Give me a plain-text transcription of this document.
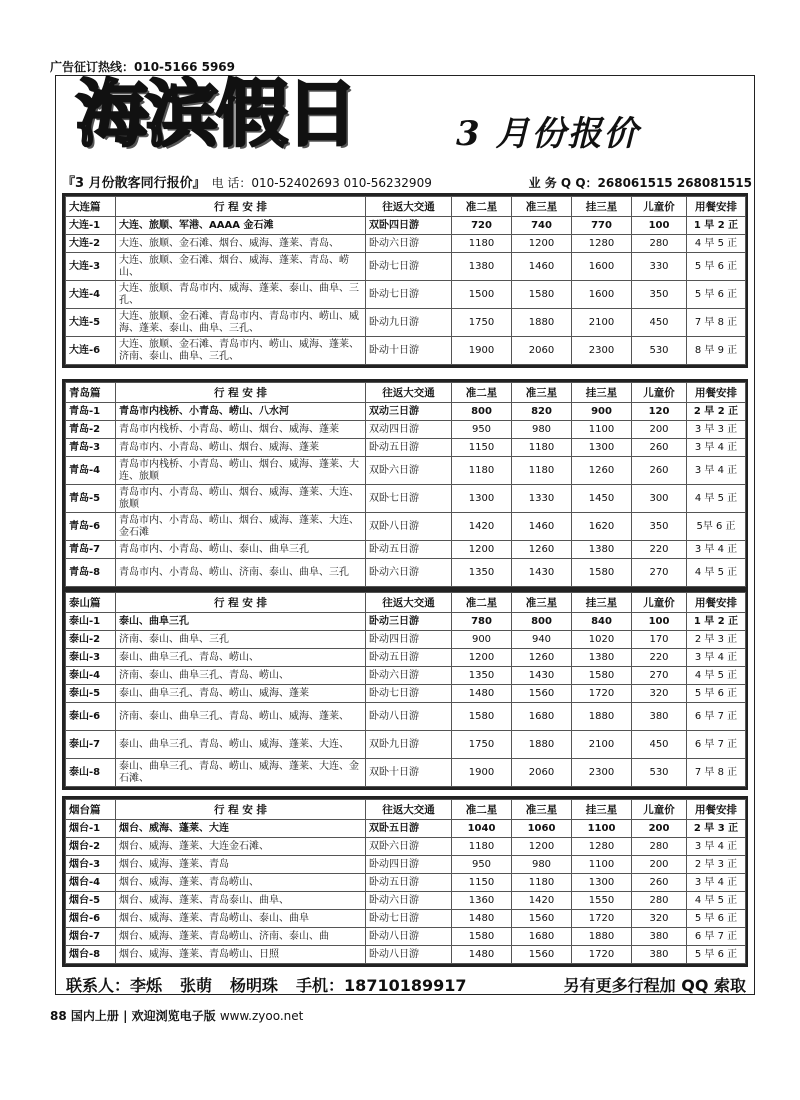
广告征订热线：010-5166 5969
海滨假日	3 月份报价
『3 月份散客同行报价』 电 话：010-52402693 010-56232909	业 务 Q Q：268061515 268081515
大连篇	行 程 安 排	往返大交通	准二星	准三星	挂三星	儿童价	用餐安排
大连-1	大连、旅顺、军港、AAAA 金石滩	双卧四日游	720	740	770	100	1 早 2 正
大连-2	大连、旅顺、金石滩、烟台、威海、蓬莱、青岛、	卧动六日游	1180	1200	1280	280	4 早 5 正
大连-3	大连、旅顺、金石滩、烟台、威海、蓬莱、青岛、崂山、	卧动七日游	1380	1460	1600	330	5 早 6 正
大连-4	大连、旅顺、青岛市内、威海、蓬莱、泰山、曲阜、三孔、	卧动七日游	1500	1580	1600	350	5 早 6 正
大连-5	大连、旅顺、金石滩、青岛市内、青岛市内、崂山、威海、蓬莱、泰山、曲阜、三孔、	卧动九日游	1750	1880	2100	450	7 早 8 正
大连-6	大连、旅顺、金石滩、青岛市内、崂山、威海、蓬莱、济南、泰山、曲阜、三孔、	卧动十日游	1900	2060	2300	530	8 早 9 正
青岛篇	行 程 安 排	往返大交通	准二星	准三星	挂三星	儿童价	用餐安排
青岛-1	青岛市内栈桥、小青岛、崂山、八水河	双动三日游	800	820	900	120	2 早 2 正
青岛-2	青岛市内栈桥、小青岛、崂山、烟台、威海、蓬莱	双动四日游	950	980	1100	200	3 早 3 正
青岛-3	青岛市内、小青岛、崂山、烟台、威海、蓬莱	卧动五日游	1150	1180	1300	260	3 早 4 正
青岛-4	青岛市内栈桥、小青岛、崂山、烟台、威海、蓬莱、大连、旅顺	双卧六日游	1180	1180	1260	260	3 早 4 正
青岛-5	青岛市内、小青岛、崂山、烟台、威海、蓬莱、大连、旅顺	双卧七日游	1300	1330	1450	300	4 早 5 正
青岛-6	青岛市内、小青岛、崂山、烟台、威海、蓬莱、大连、金石滩	双卧八日游	1420	1460	1620	350	5早 6 正
青岛-7	青岛市内、小青岛、崂山、泰山、曲阜三孔	卧动五日游	1200	1260	1380	220	3 早 4 正
青岛-8	青岛市内、小青岛、崂山、济南、泰山、曲阜、三孔	卧动六日游	1350	1430	1580	270	4 早 5 正
泰山篇	行 程 安 排	往返大交通	准二星	准三星	挂三星	儿童价	用餐安排
泰山-1	泰山、曲阜三孔	卧动三日游	780	800	840	100	1 早 2 正
泰山-2	济南、泰山、曲阜、三孔	卧动四日游	900	940	1020	170	2 早 3 正
泰山-3	泰山、曲阜三孔、青岛、崂山、	卧动五日游	1200	1260	1380	220	3 早 4 正
泰山-4	济南、泰山、曲阜三孔、青岛、崂山、	卧动六日游	1350	1430	1580	270	4 早 5 正
泰山-5	泰山、曲阜三孔、青岛、崂山、威海、蓬莱	卧动七日游	1480	1560	1720	320	5 早 6 正
泰山-6	济南、泰山、曲阜三孔、青岛、崂山、威海、蓬莱、	卧动八日游	1580	1680	1880	380	6 早 7 正
泰山-7	泰山、曲阜三孔、青岛、崂山、威海、蓬莱、大连、	双卧九日游	1750	1880	2100	450	6 早 7 正
泰山-8	泰山、曲阜三孔、青岛、崂山、威海、蓬莱、大连、金石滩、	双卧十日游	1900	2060	2300	530	7 早 8 正
烟台篇	行 程 安 排	往返大交通	准二星	准三星	挂三星	儿童价	用餐安排
烟台-1	烟台、威海、蓬莱、大连	双卧五日游	1040	1060	1100	200	2 早 3 正
烟台-2	烟台、威海、蓬莱、大连金石滩、	双卧六日游	1180	1200	1280	280	3 早 4 正
烟台-3	烟台、威海、蓬莱、青岛	卧动四日游	950	980	1100	200	2 早 3 正
烟台-4	烟台、威海、蓬莱、青岛崂山、	卧动五日游	1150	1180	1300	260	3 早 4 正
烟台-5	烟台、威海、蓬莱、青岛泰山、曲阜、	卧动六日游	1360	1420	1550	280	4 早 5 正
烟台-6	烟台、威海、蓬莱、青岛崂山、泰山、曲阜	卧动七日游	1480	1560	1720	320	5 早 6 正
烟台-7	烟台、威海、蓬莱、青岛崂山、济南、泰山、曲	卧动八日游	1580	1680	1880	380	6 早 7 正
烟台-8	烟台、威海、蓬莱、青岛崂山、日照	卧动八日游	1480	1560	1720	380	5 早 6 正
联系人：李烁 张萌 杨明珠 手机：18710189917	另有更多行程加 QQ 索取
88 国内上册 | 欢迎浏览电子版 www.zyoo.net
